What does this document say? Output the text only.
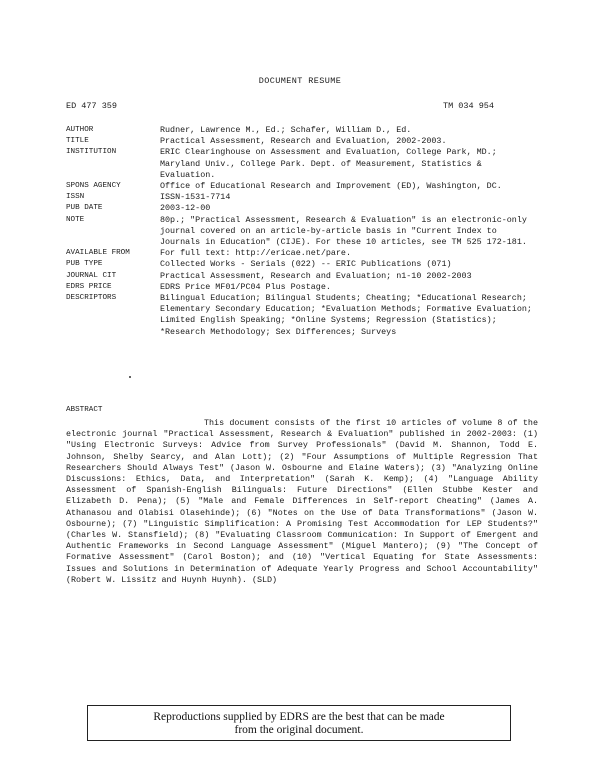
DOCUMENT RESUME
ED 477 359	TM 034 954
AUTHOR	Rudner, Lawrence M., Ed.; Schafer, William D., Ed.
TITLE	Practical Assessment, Research and Evaluation, 2002-2003.
INSTITUTION	ERIC Clearinghouse on Assessment and Evaluation, College Park, MD.; Maryland Univ., College Park. Dept. of Measurement, Statistics & Evaluation.
SPONS AGENCY	Office of Educational Research and Improvement (ED), Washington, DC.
ISSN	ISSN-1531-7714
PUB DATE	2003-12-00
NOTE	80p.; "Practical Assessment, Research & Evaluation" is an electronic-only journal covered on an article-by-article basis in "Current Index to Journals in Education" (CIJE). For these 10 articles, see TM 525 172-181.
AVAILABLE FROM	For full text: http://ericae.net/pare.
PUB TYPE	Collected Works - Serials (022) -- ERIC Publications (071)
JOURNAL CIT	Practical Assessment, Research and Evaluation; n1-10 2002-2003
EDRS PRICE	EDRS Price MF01/PC04 Plus Postage.
DESCRIPTORS	Bilingual Education; Bilingual Students; Cheating; *Educational Research; Elementary Secondary Education; *Evaluation Methods; Formative Evaluation; Limited English Speaking; *Online Systems; Regression (Statistics); *Research Methodology; Sex Differences; Surveys
ABSTRACT
This document consists of the first 10 articles of volume 8 of the electronic journal "Practical Assessment, Research & Evaluation" published in 2002-2003: (1) "Using Electronic Surveys: Advice from Survey Professionals" (David M. Shannon, Todd E. Johnson, Shelby Searcy, and Alan Lott); (2) "Four Assumptions of Multiple Regression That Researchers Should Always Test" (Jason W. Osbourne and Elaine Waters); (3) "Analyzing Online Discussions: Ethics, Data, and Interpretation" (Sarah K. Kemp); (4) "Language Ability Assessment of Spanish-English Bilinguals: Future Directions" (Ellen Stubbe Kester and Elizabeth D. Pena); (5) "Male and Female Differences in Self-report Cheating" (James A. Athanasou and Olabisi Olasehinde); (6) "Notes on the Use of Data Transformations" (Jason W. Osbourne); (7) "Linguistic Simplification: A Promising Test Accommodation for LEP Students?" (Charles W. Stansfield); (8) "Evaluating Classroom Communication: In Support of Emergent and Authentic Frameworks in Second Language Assessment" (Miguel Mantero); (9) "The Concept of Formative Assessment" (Carol Boston); and (10) "Vertical Equating for State Assessments: Issues and Solutions in Determination of Adequate Yearly Progress and School Accountability" (Robert W. Lissitz and Huynh Huynh). (SLD)
Reproductions supplied by EDRS are the best that can be made
from the original document.
